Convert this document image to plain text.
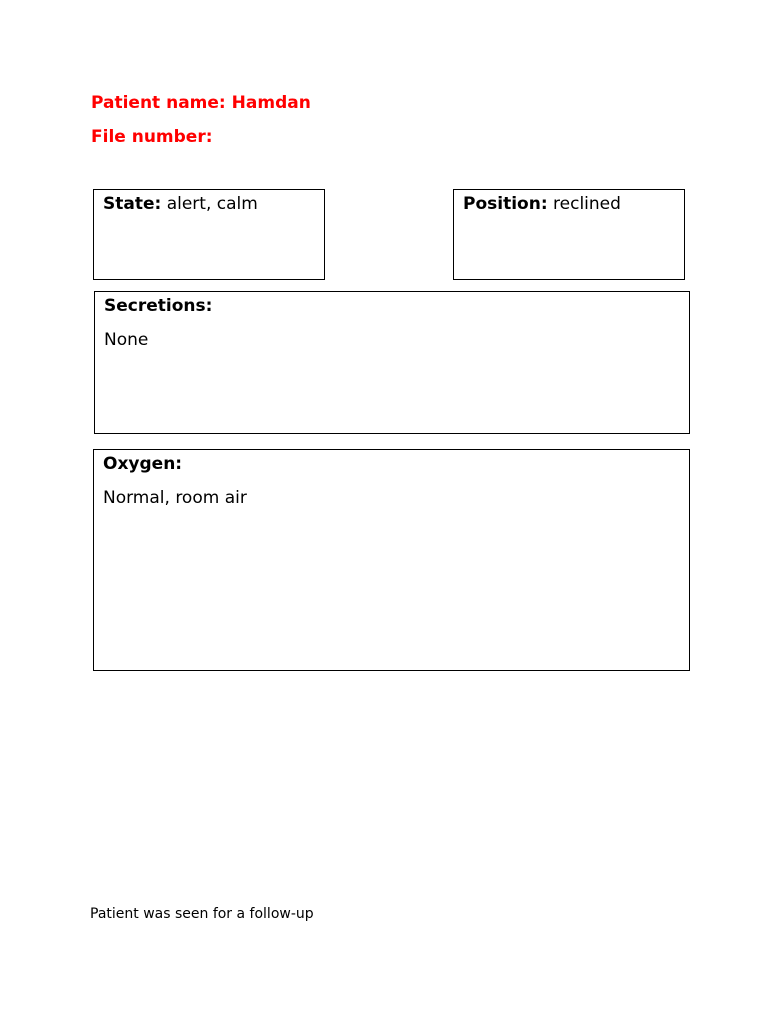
Patient name: Hamdan

File number:

State: alert, calm	Position: reclined

Secretions:

None

Oxygen:

Normal, room air

Patient was seen for a follow-up
